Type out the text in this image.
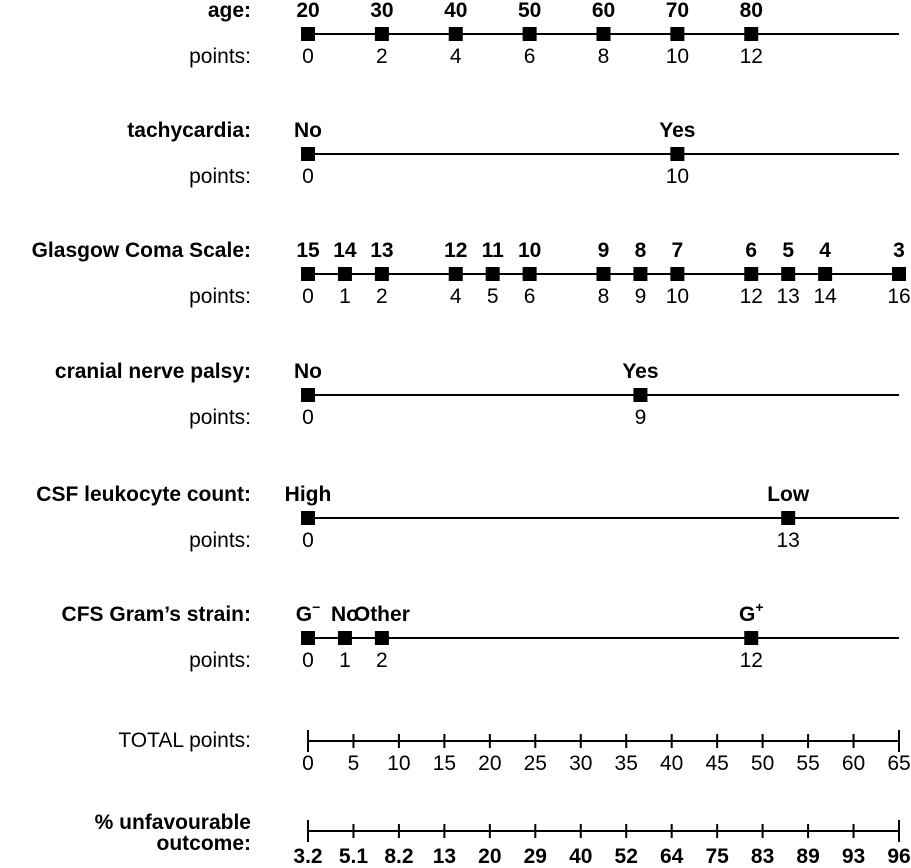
age:
points:
20
0
30
2
40
4
50
6
60
8
70
10
80
12
tachycardia:
points:
No
0
Yes
10
Glasgow Coma Scale:
points:
15
0
14
1
13
2
12
4
11
5
10
6
9
8
8
9
7
10
6
12
5
13
4
14
3
16
cranial nerve palsy:
points:
No
0
Yes
9
CSF leukocyte count:
points:
High
0
Low
13
CFS Gram’s strain:
points:
G−
0
No
1
Other
2
G+
12
TOTAL points:
0 5 10 15 20 25 30 35 40 45 50 55 60 65
% unfavourable
outcome:
3.2 5.1 8.2 13 20 29 40 52 64 75 83 89 93 96
